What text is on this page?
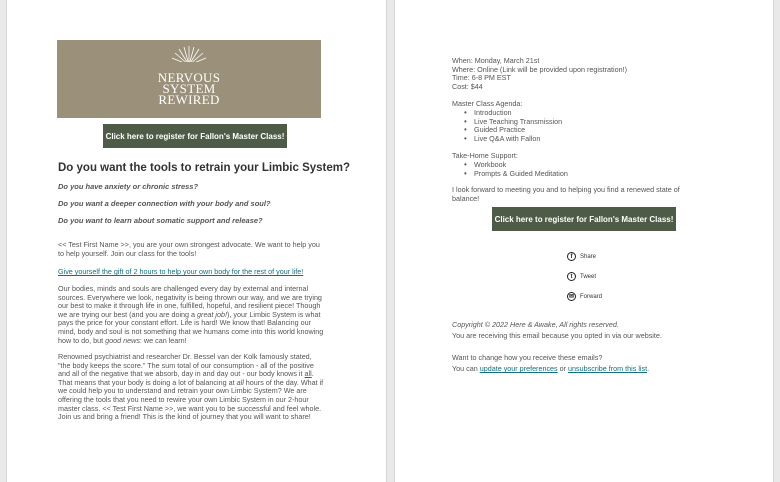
NERVOUS
SYSTEM
REWIRED
Click here to register for Fallon's Master Class!
Do you want the tools to retrain your Limbic System?
Do you have anxiety or chronic stress?
Do you want a deeper connection with your body and soul?
Do you want to learn about somatic support and release?
<< Test First Name >>, you are your own strongest advocate. We want to help you to help yourself. Join our class for the tools!
Give yourself the gift of 2 hours to help your own body for the rest of your life!
Our bodies, minds and souls are challenged every day by external and internal sources. Everywhere we look, negativity is being thrown our way, and we are trying our best to make it through life in one, fulfilled, hopeful, and resilient piece! Though we are trying our best (and you are doing a great job!), your Limbic System is what pays the price for your constant effort. Life is hard! We know that! Balancing our mind, body and soul is not something that we humans come into this world knowing how to do, but good news: we can learn!
Renowned psychiatrist and researcher Dr. Bessel van der Kolk famously stated, "the body keeps the score." The sum total of our consumption - all of the positive and all of the negative that we absorb, day in and day out - our body knows it all. That means that your body is doing a lot of balancing at all hours of the day. What if we could help you to understand and retrain your own Limbic System? We are offering the tools that you need to rewire your own Limbic System in our 2-hour master class. << Test First Name >>, we want you to be successful and feel whole. Join us and bring a friend! This is the kind of journey that you will want to share!
When: Monday, March 21st
Where: Online (Link will be provided upon registration!)
Time: 6-8 PM EST
Cost: $44
Master Class Agenda:
• Introduction
• Live Teaching Transmission
• Guided Practice
• Live Q&A with Fallon
Take-Home Support:
• Workbook
• Prompts & Guided Meditation
I look forward to meeting you and to helping you find a renewed state of balance!
Click here to register for Fallon's Master Class!
f	Share
t	Tweet
✉ Forward
Copyright © 2022 Here & Awake, All rights reserved.
You are receiving this email because you opted in via our website.
Want to change how you receive these emails?
You can update your preferences or unsubscribe from this list.
